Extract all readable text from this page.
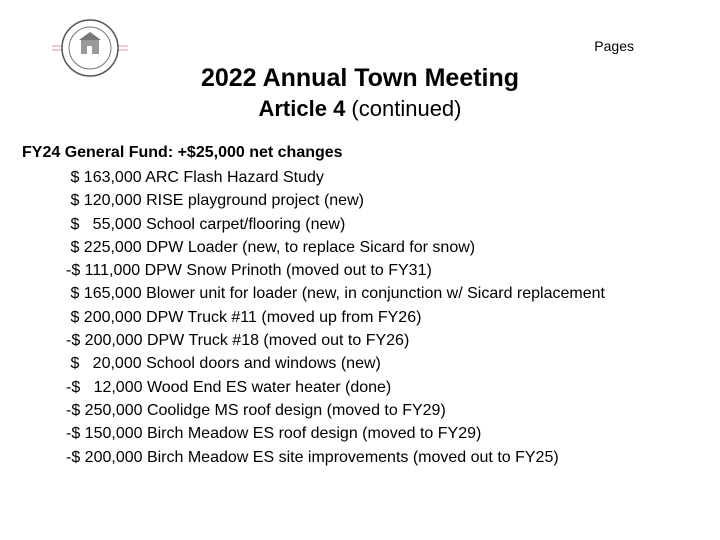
Pages
2022 Annual Town Meeting
Article 4 (continued)
FY24 General Fund: +$25,000 net changes
$ 163,000 ARC Flash Hazard Study
$ 120,000 RISE playground project (new)
$   55,000 School carpet/flooring (new)
$ 225,000 DPW Loader (new, to replace Sicard for snow)
-$ 111,000 DPW Snow Prinoth (moved out to FY31)
$ 165,000 Blower unit for loader (new, in conjunction w/ Sicard replacement
$ 200,000 DPW Truck #11 (moved up from FY26)
-$ 200,000 DPW Truck #18 (moved out to FY26)
$   20,000 School doors and windows (new)
-$   12,000 Wood End ES water heater (done)
-$ 250,000 Coolidge MS roof design (moved to FY29)
-$ 150,000 Birch Meadow ES roof design (moved to FY29)
-$ 200,000 Birch Meadow ES site improvements (moved out to FY25)
